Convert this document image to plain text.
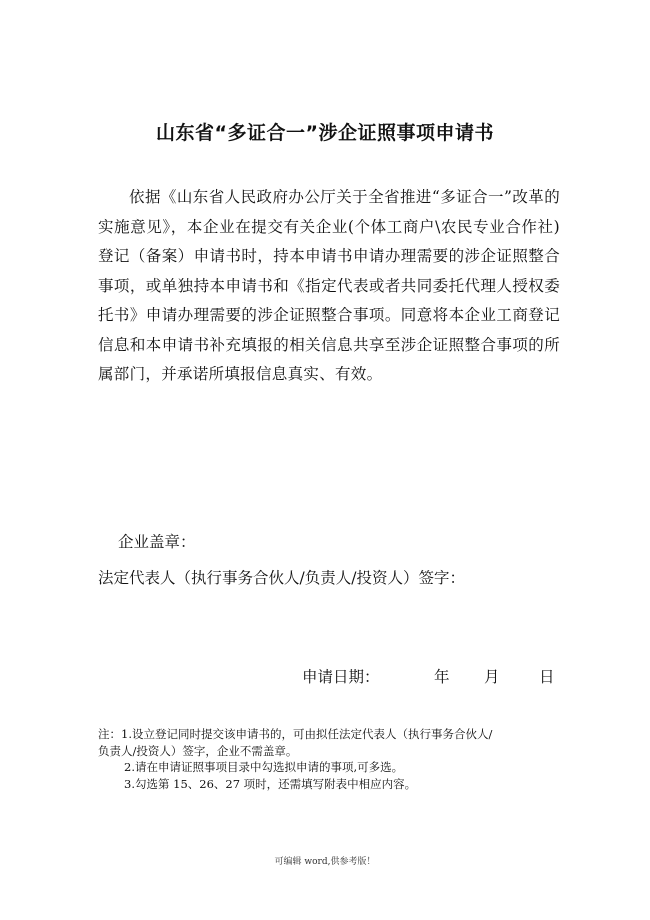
山东省“多证合一”涉企证照事项申请书
依据《山东省人民政府办公厅关于全省推进“多证合一”改革的实施意见》，本企业在提交有关企业(个体工商户\农民专业合作社)登记（备案）申请书时，持本申请书申请办理需要的涉企证照整合事项，或单独持本申请书和《指定代表或者共同委托代理人授权委托书》申请办理需要的涉企证照整合事项。同意将本企业工商登记信息和本申请书补充填报的相关信息共享至涉企证照整合事项的所属部门，并承诺所填报信息真实、有效。
企业盖章：
法定代表人（执行事务合伙人/负责人/投资人）签字：
申请日期：	年	月	日
注：1.设立登记同时提交该申请书的，可由拟任法定代表人（执行事务合伙人/
负责人/投资人）签字，企业不需盖章。
2.请在申请证照事项目录中勾选拟申请的事项,可多选。
3.勾选第 15、26、27 项时，还需填写附表中相应内容。
可编辑 word,供参考版！
